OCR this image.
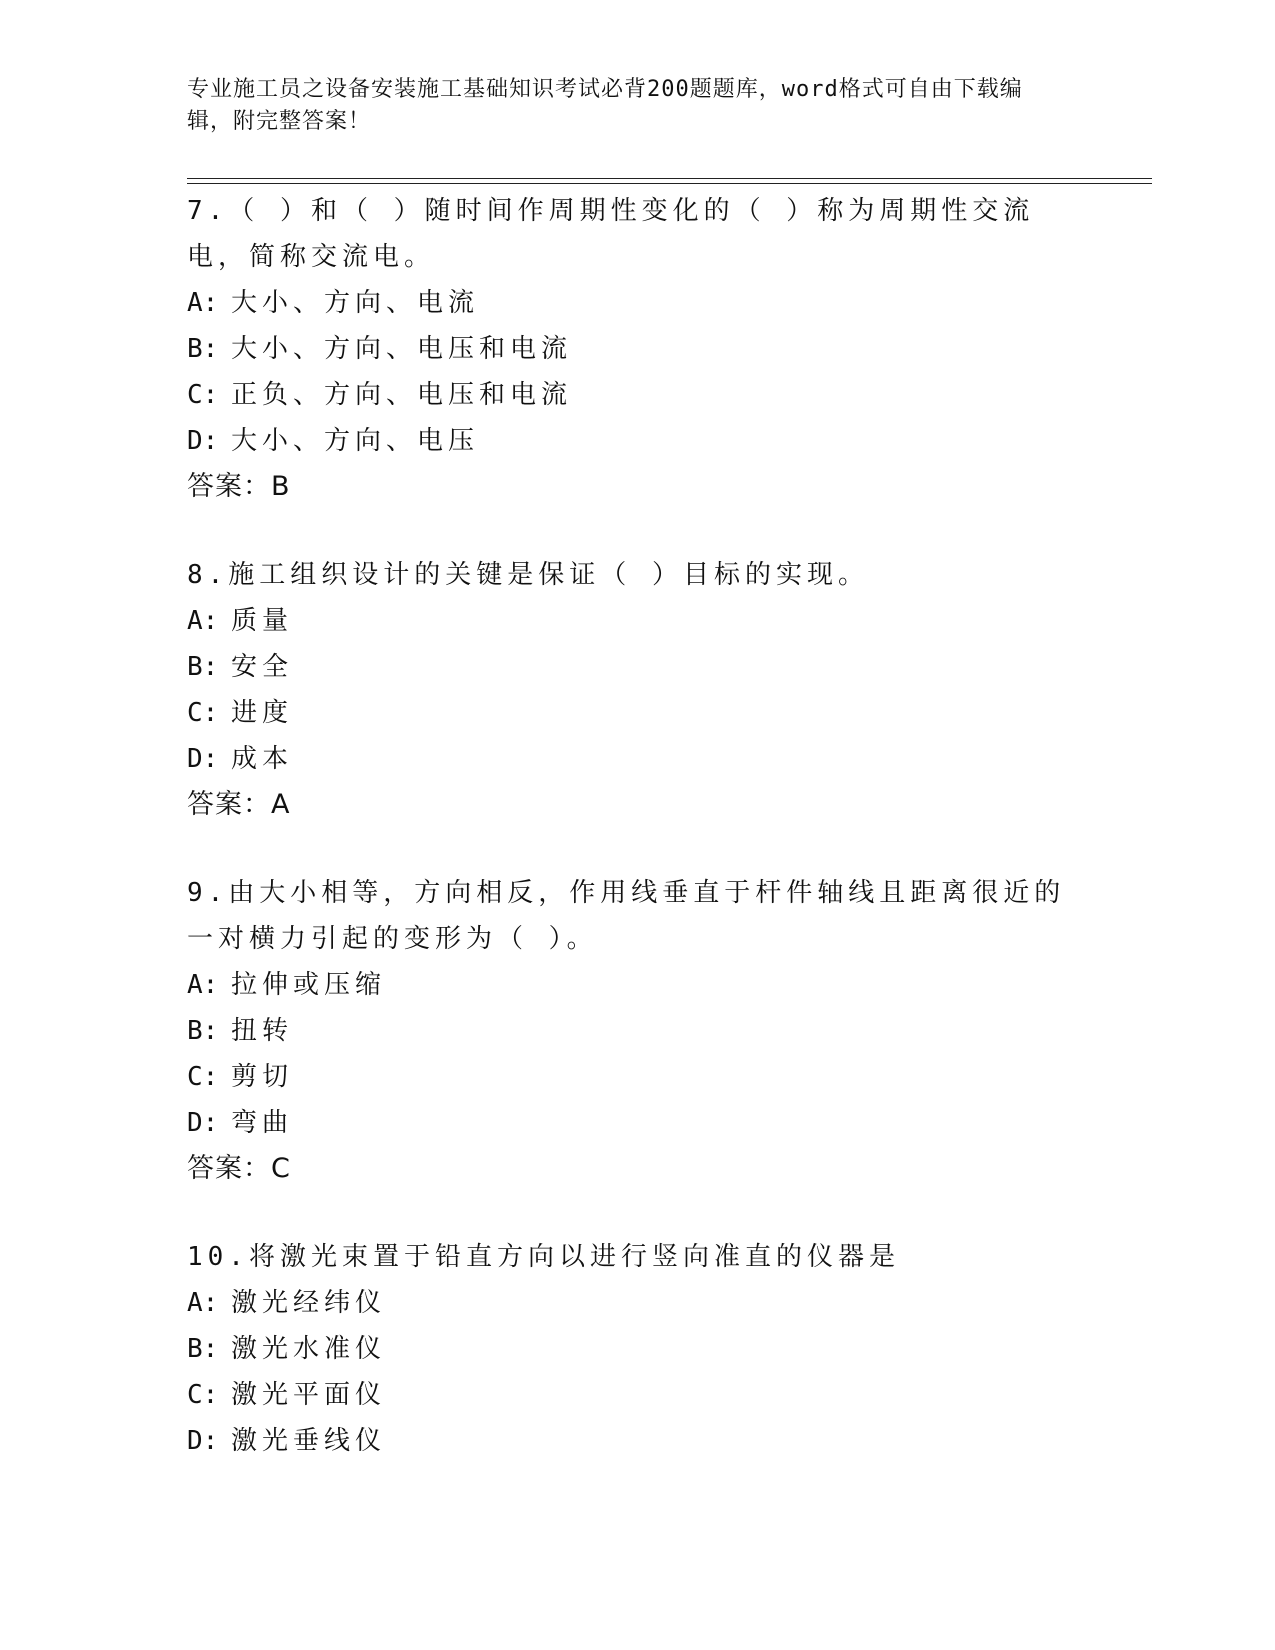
专业施工员之设备安装施工基础知识考试必背200题题库，word格式可自由下载编辑，附完整答案！
7.（ ）和（ ）随时间作周期性变化的（ ）称为周期性交流电，简称交流电。
A: 大小、方向、电流
B: 大小、方向、电压和电流
C: 正负、方向、电压和电流
D: 大小、方向、电压
答案：B
8.施工组织设计的关键是保证（ ）目标的实现。
A: 质量
B: 安全
C: 进度
D: 成本
答案：A
9.由大小相等，方向相反，作用线垂直于杆件轴线且距离很近的一对横力引起的变形为（ ）。
A: 拉伸或压缩
B: 扭转
C: 剪切
D: 弯曲
答案：C
10.将激光束置于铅直方向以进行竖向准直的仪器是
A: 激光经纬仪
B: 激光水准仪
C: 激光平面仪
D: 激光垂线仪
